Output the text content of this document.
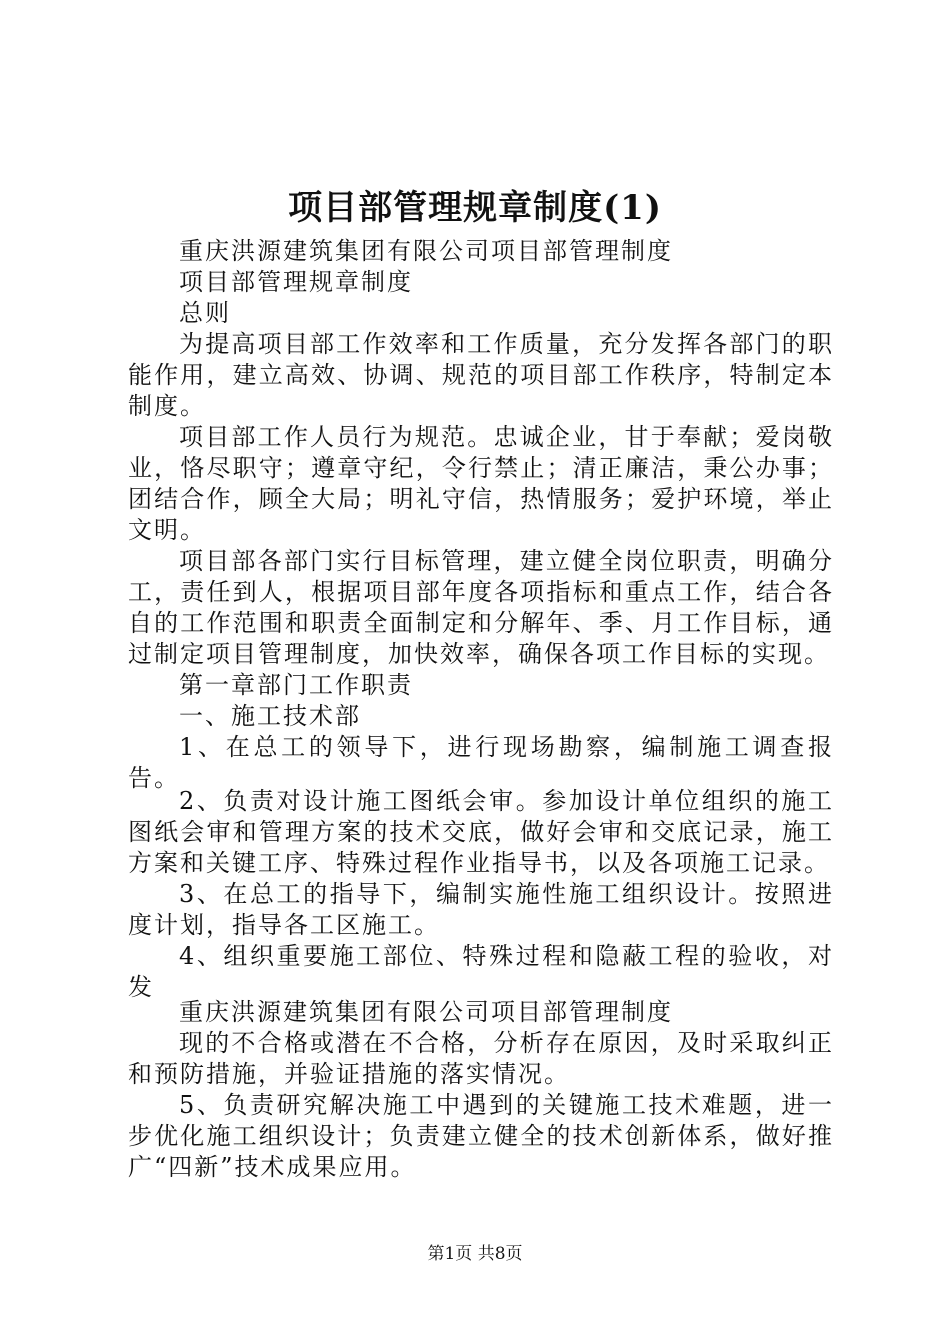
项目部管理规章制度(1)

重庆洪源建筑集团有限公司项目部管理制度

项目部管理规章制度

总则

为提高项目部工作效率和工作质量，充分发挥各部门的职能作用，建立高效、协调、规范的项目部工作秩序，特制定本制度。

项目部工作人员行为规范。忠诚企业，甘于奉献；爱岗敬业，恪尽职守；遵章守纪，令行禁止；清正廉洁，秉公办事；团结合作，顾全大局；明礼守信，热情服务；爱护环境，举止文明。

项目部各部门实行目标管理，建立健全岗位职责，明确分工，责任到人，根据项目部年度各项指标和重点工作，结合各自的工作范围和职责全面制定和分解年、季、月工作目标，通过制定项目管理制度，加快效率，确保各项工作目标的实现。

第一章部门工作职责

一、施工技术部

1、在总工的领导下，进行现场勘察，编制施工调查报告。

2、负责对设计施工图纸会审。参加设计单位组织的施工图纸会审和管理方案的技术交底，做好会审和交底记录，施工方案和关键工序、特殊过程作业指导书，以及各项施工记录。

3、在总工的指导下，编制实施性施工组织设计。按照进度计划，指导各工区施工。

4、组织重要施工部位、特殊过程和隐蔽工程的验收，对发

重庆洪源建筑集团有限公司项目部管理制度

现的不合格或潜在不合格，分析存在原因，及时采取纠正和预防措施，并验证措施的落实情况。

5、负责研究解决施工中遇到的关键施工技术难题，进一步优化施工组织设计；负责建立健全的技术创新体系，做好推广“四新”技术成果应用。

第1页 共8页
